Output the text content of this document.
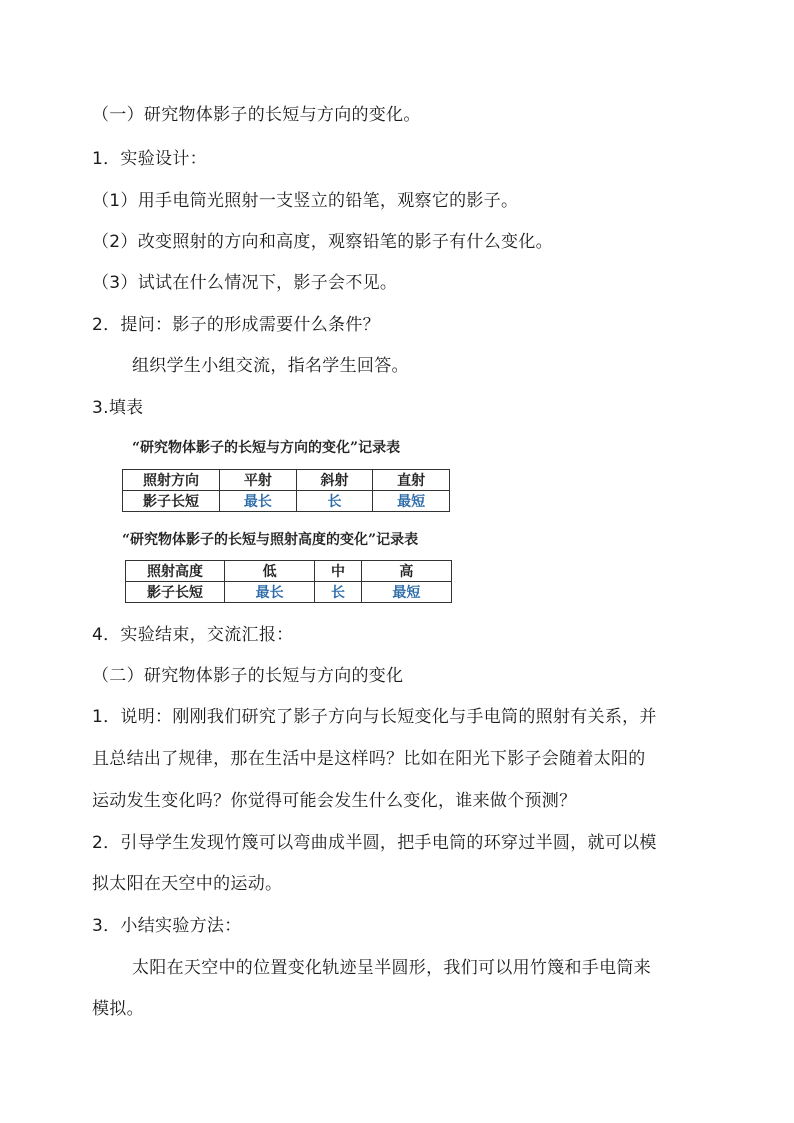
（一）研究物体影子的长短与方向的变化。
1．实验设计：
（1）用手电筒光照射一支竖立的铅笔，观察它的影子。
（2）改变照射的方向和高度，观察铅笔的影子有什么变化。
（3）试试在什么情况下，影子会不见。
2．提问：影子的形成需要什么条件？
组织学生小组交流，指名学生回答。
3.填表
“研究物体影子的长短与方向的变化”记录表
照射方向	平射	斜射	直射
影子长短	最长	长	最短
“研究物体影子的长短与照射高度的变化”记录表
照射高度	低	中	高
影子长短	最长	长	最短
4．实验结束，交流汇报：
（二）研究物体影子的长短与方向的变化
1．说明：刚刚我们研究了影子方向与长短变化与手电筒的照射有关系，并
且总结出了规律，那在生活中是这样吗？比如在阳光下影子会随着太阳的
运动发生变化吗？你觉得可能会发生什么变化，谁来做个预测？
2．引导学生发现竹篾可以弯曲成半圆，把手电筒的环穿过半圆，就可以模
拟太阳在天空中的运动。
3．小结实验方法：
太阳在天空中的位置变化轨迹呈半圆形，我们可以用竹篾和手电筒来
模拟。
